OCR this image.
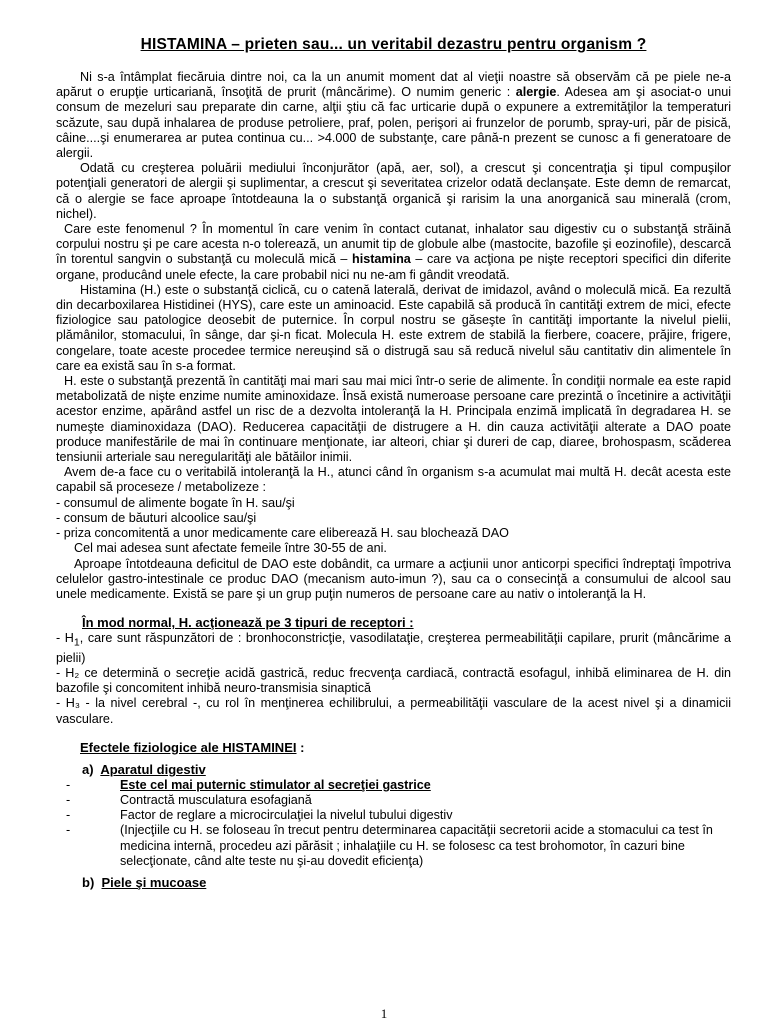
HISTAMINA – prieten sau... un veritabil dezastru pentru organism ?

Ni s-a întâmplat fiecăruia dintre noi, ca la un anumit moment dat al vieţii noastre să observăm că pe piele ne-a apărut o erupţie urticariană, însoţită de prurit (mâncărime). O numim generic : alergie. Adesea am şi asociat-o unui consum de mezeluri sau preparate din carne, alţii ştiu că fac urticarie după o expunere a extremităţilor la temperaturi scăzute, sau după inhalarea de produse petroliere, praf, polen, perişori ai frunzelor de porumb, spray-uri, păr de pisică, câine....şi enumerarea ar putea continua cu... >4.000 de substanţe, care până-n prezent se cunosc a fi generatoare de alergii.

Odată cu creşterea poluării mediului înconjurător (apă, aer, sol), a crescut şi concentraţia şi tipul compuşilor potenţiali generatori de alergii şi suplimentar, a crescut şi severitatea crizelor odată declanşate. Este demn de remarcat, că o alergie se face aproape întotdeauna la o substanţă organică şi rarisim la una anorganică sau minerală (crom, nichel).

Care este fenomenul ? În momentul în care venim în contact cutanat, inhalator sau digestiv cu o substanţă străină corpului nostru şi pe care acesta n-o tolerează, un anumit tip de globule albe (mastocite, bazofile şi eozinofile), descarcă în torentul sangvin o substanţă cu moleculă mică – histamina – care va acţiona pe nişte receptori specifici din diferite organe, producând unele efecte, la care probabil nici nu ne-am fi gândit vreodată.

Histamina (H.) este o substanţă ciclică, cu o catenă laterală, derivat de imidazol, având o moleculă mică. Ea rezultă din decarboxilarea Histidinei (HYS), care este un aminoacid. Este capabilă să producă în cantităţi extrem de mici, efecte fiziologice sau patologice deosebit de puternice. În corpul nostru se găseşte în cantităţi importante la nivelul pielii, plămânilor, stomacului, în sânge, dar şi-n ficat. Molecula H. este extrem de stabilă la fierbere, coacere, prăjire, frigere, congelare, toate aceste procedee termice nereuşind să o distrugă sau să reducă nivelul său cantitativ din alimentele în care ea există sau în s-a format.

H. este o substanţă prezentă în cantităţi mai mari sau mai mici într-o serie de alimente. În condiţii normale ea este rapid metabolizată de nişte enzime numite aminoxidaze. Însă există numeroase persoane care prezintă o încetinire a activităţii acestor enzime, apărând astfel un risc de a dezvolta intoleranţă la H. Principala enzimă implicată în degradarea H. se numeşte diaminoxidaza (DAO). Reducerea capacităţii de distrugere a H. din cauza activităţii alterate a DAO poate produce manifestările de mai în continuare menţionate, iar alteori, chiar şi dureri de cap, diaree, brohospasm, scăderea tensiunii arteriale sau neregularităţi ale bătăilor inimii.

Avem de-a face cu o veritabilă intoleranţă la H., atunci când în organism s-a acumulat mai multă H. decât acesta este capabil să proceseze / metabolizeze :

- consumul de alimente bogate în H. sau/şi

- consum de băuturi alcoolice sau/şi

- priza concomitentă a unor medicamente care eliberează H. sau blochează DAO

Cel mai adesea sunt afectate femeile între 30-55 de ani.

Aproape întotdeauna deficitul de DAO este dobândit, ca urmare a acţiunii unor anticorpi specifici îndreptaţi împotriva celulelor gastro-intestinale ce produc DAO (mecanism auto-imun ?), sau ca o consecinţă a consumului de alcool sau unele medicamente. Există se pare şi un grup puţin numeros de persoane care au nativ o intoleranţă la H.

În mod normal, H. acţionează pe 3 tipuri de receptori :

- $H_1$, care sunt răspunzători de : bronhoconstricţie, vasodilataţie, creşterea permeabilităţii capilare, prurit (mâncărime a pielii)

- H₂ ce determină o secreţie acidă gastrică, reduc frecvenţa cardiacă, contractă esofagul, inhibă eliminarea de H. din bazofile şi concomitent inhibă neuro-transmisia sinaptică

- H₃ - la nivel cerebral -, cu rol în menţinerea echilibrului, a permeabilităţii vasculare de la acest nivel şi a dinamicii vasculare.

Efectele fiziologice ale HISTAMINEI :

a) Aparatul digestiv

-	Este cel mai puternic stimulator al secreţiei gastrice
-	Contractă musculatura esofagiană
-	Factor de reglare a microcirculaţiei la nivelul tubului digestiv
-	(Injecţiile cu H. se foloseau în trecut pentru determinarea capacităţii secretorii acide a stomacului ca test în medicina internă, procedeu azi părăsit ; inhalaţiile cu H. se folosesc ca test brohomotor, în cazuri bine selecţionate, când alte teste nu şi-au dovedit eficienţa)

b) Piele şi mucoase

1
